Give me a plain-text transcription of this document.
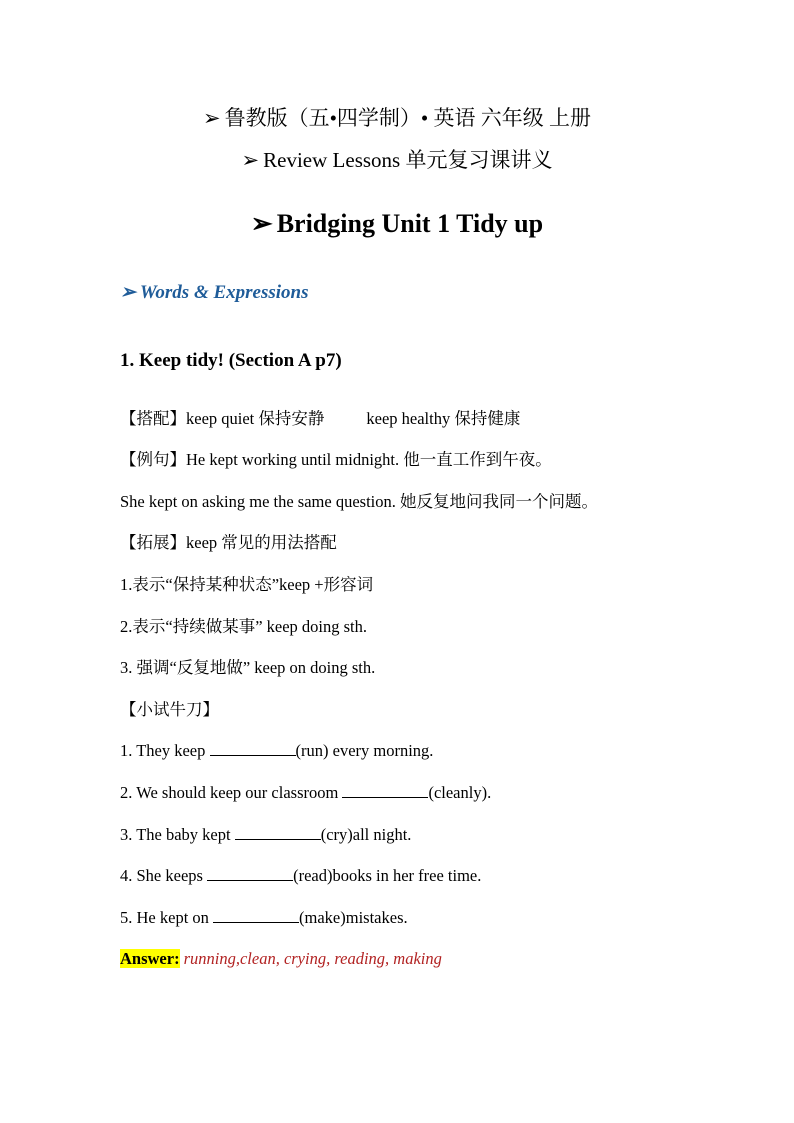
➢ 鲁教版（五•四学制）• 英语 六年级 上册
➢ Review Lessons 单元复习课讲义
➢ Bridging Unit 1 Tidy up
➢ Words & Expressions
1. Keep tidy! (Section A p7)
【搭配】keep quiet 保持安静	keep healthy 保持健康
【例句】He kept working until midnight. 他一直工作到午夜。
She kept on asking me the same question. 她反复地问我同一个问题。
【拓展】keep 常见的用法搭配
1.表示“保持某种状态”keep +形容词
2.表示“持续做某事” keep doing sth.
3. 强调“反复地做” keep on doing sth.
【小试牛刀】
1. They keep	(run) every morning.
2. We should keep our classroom	(cleanly).
3. The baby kept	(cry)all night.
4. She keeps	(read)books in her free time.
5. He kept on	(make)mistakes.
Answer: running,clean, crying, reading, making
